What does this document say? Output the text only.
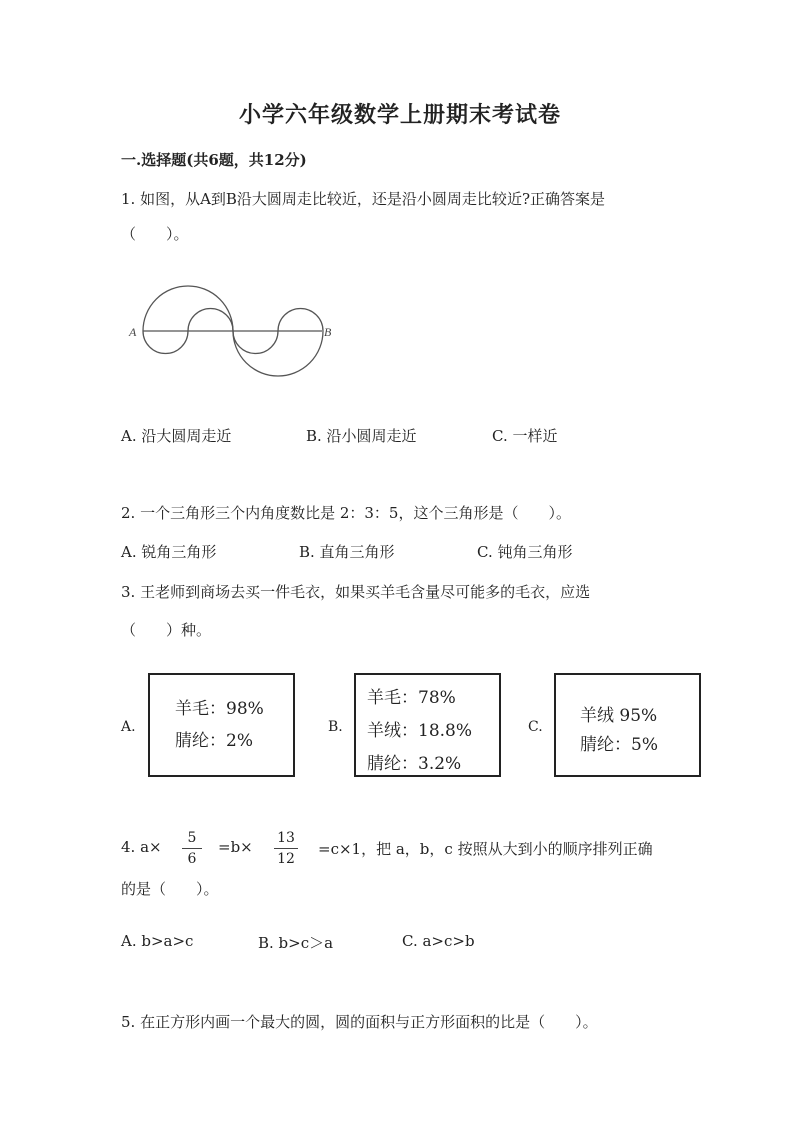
小学六年级数学上册期末考试卷
一.选择题(共6题，共12分)
1. 如图，从A到B沿大圆周走比较近，还是沿小圆周走比较近?正确答案是
（　　）。
A	B
A. 沿大圆周走近	B. 沿小圆周走近	C. 一样近
2. 一个三角形三个内角度数比是 2：3：5，这个三角形是（　　）。
A. 锐角三角形	B. 直角三角形	C. 钝角三角形
3. 王老师到商场去买一件毛衣，如果买羊毛含量尽可能多的毛衣，应选
（　　）种。
A.
羊毛：98%
腈纶：2%
B.
羊毛：78%
羊绒：18.8%
腈纶：3.2%
C.
羊绒 95%
腈纶：5%
4. a×	5
6
=b× 13
12
=c×1，把 a，b，c 按照从大到小的顺序排列正确
的是（　　）。
A. b>a>c	B. b>c＞a	C. a>c>b
5. 在正方形内画一个最大的圆，圆的面积与正方形面积的比是（　　）。
